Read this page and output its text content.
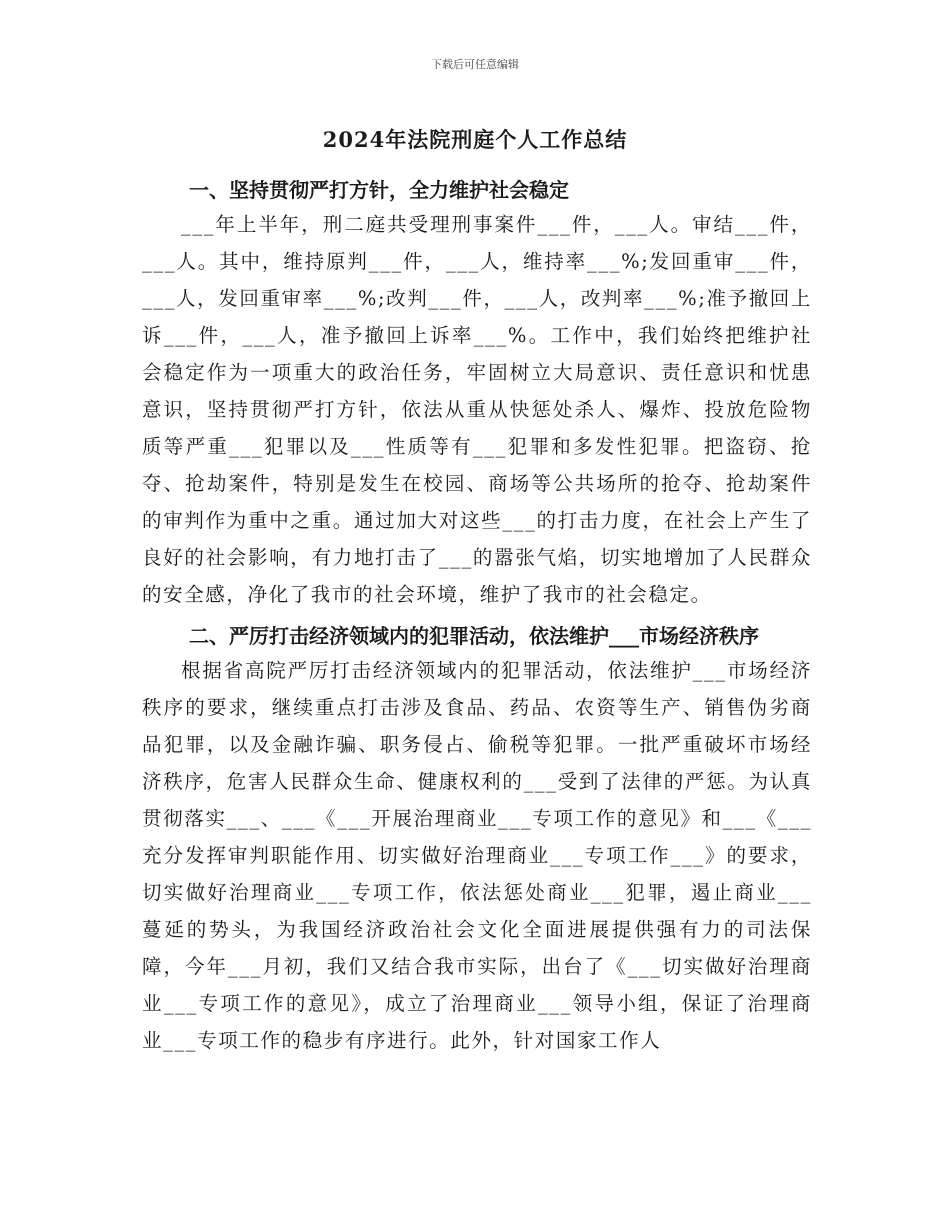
下载后可任意编辑
2024年法院刑庭个人工作总结
一、坚持贯彻严打方针，全力维护社会稳定

___年上半年，刑二庭共受理刑事案件___件，___人。审结___件，___人。其中，维持原判___件，___人，维持率___%;发回重审___件，___人，发回重审率___%;改判___件，___人，改判率___%;准予撤回上诉___件，___人，准予撤回上诉率___%。工作中，我们始终把维护社会稳定作为一项重大的政治任务，牢固树立大局意识、责任意识和忧患意识，坚持贯彻严打方针，依法从重从快惩处杀人、爆炸、投放危险物质等严重___犯罪以及___性质等有___犯罪和多发性犯罪。把盗窃、抢夺、抢劫案件，特别是发生在校园、商场等公共场所的抢夺、抢劫案件的审判作为重中之重。通过加大对这些___的打击力度，在社会上产生了良好的社会影响，有力地打击了___的嚣张气焰，切实地增加了人民群众的安全感，净化了我市的社会环境，维护了我市的社会稳定。

二、严厉打击经济领域内的犯罪活动，依法维护___市场经济秩序

根据省高院严厉打击经济领域内的犯罪活动，依法维护___市场经济秩序的要求，继续重点打击涉及食品、药品、农资等生产、销售伪劣商品犯罪，以及金融诈骗、职务侵占、偷税等犯罪。一批严重破坏市场经济秩序，危害人民群众生命、健康权利的___受到了法律的严惩。为认真贯彻落实___、___《___开展治理商业___专项工作的意见》和___《___充分发挥审判职能作用、切实做好治理商业___专项工作___》的要求，切实做好治理商业___专项工作，依法惩处商业___犯罪，遏止商业___蔓延的势头，为我国经济政治社会文化全面进展提供强有力的司法保障，今年___月初，我们又结合我市实际，出台了《___切实做好治理商业___专项工作的意见》，成立了治理商业___领导小组，保证了治理商业___专项工作的稳步有序进行。此外，针对国家工作人
